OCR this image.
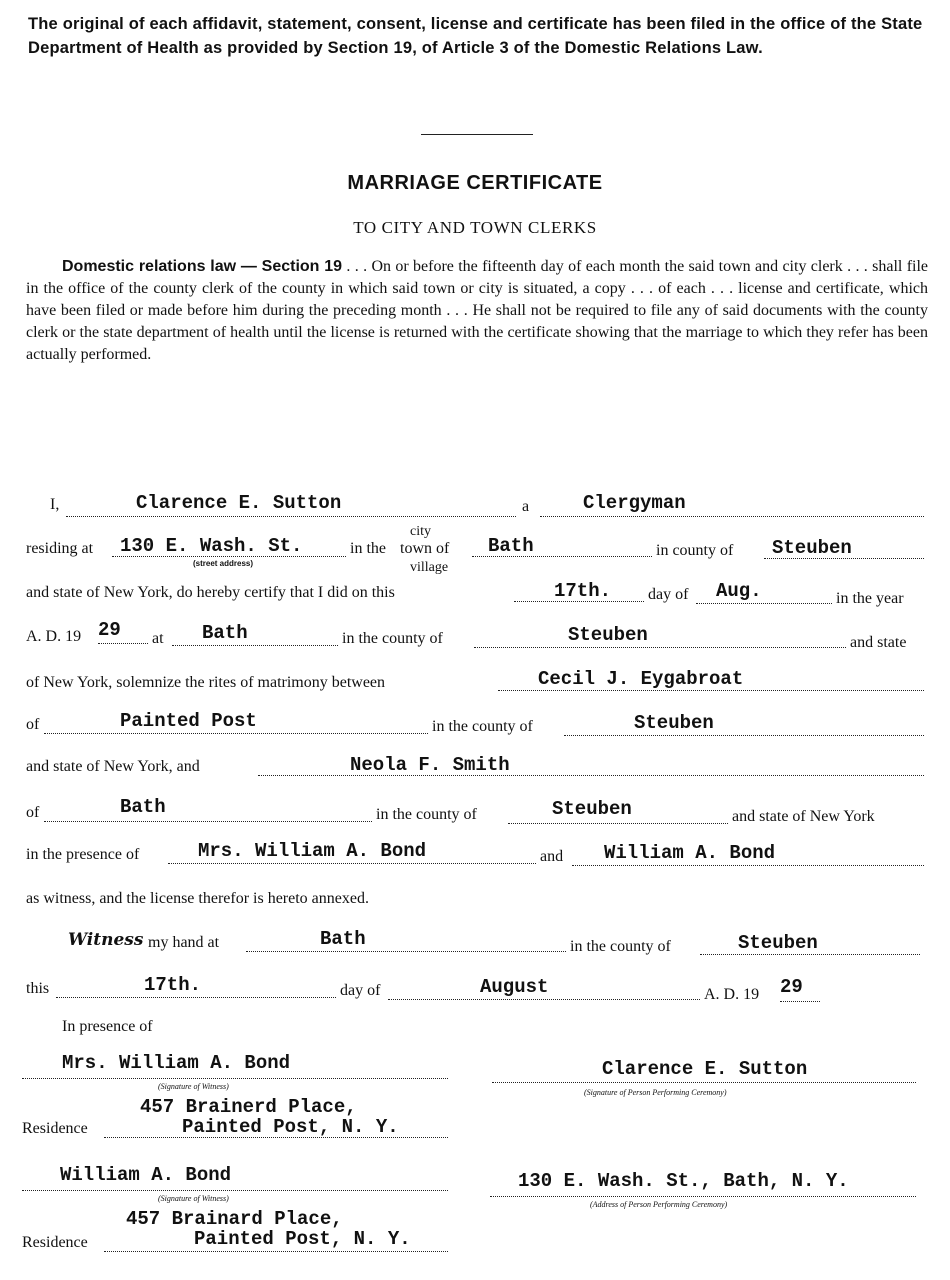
The original of each affidavit, statement, consent, license and certificate has been filed in the office of the State Department of Health as provided by Section 19, of Article 3 of the Domestic Relations Law.
MARRIAGE CERTIFICATE
TO CITY AND TOWN CLERKS
Domestic relations law — Section 19 . . . On or before the fifteenth day of each month the said town and city clerk . . . shall file in the office of the county clerk of the county in which said town or city is situated, a copy . . . of each . . . license and certificate, which have been filed or made before him during the preceding month . . . He shall not be required to file any of said documents with the county clerk or the state department of health until the license is returned with the certificate showing that the marriage to which they refer has been actually performed.
I,	Clarence E. Sutton	a	Clergyman
residing at 130 E. Wash. St.
(street address)
in the
city
town of
village
Bath	in county of Steuben
and state of New York, do hereby certify that I did on this	17th. day of Aug.	in the year
A. D. 19 29 at Bath	in the county of	Steuben	and state
of New York, solemnize the rites of matrimony between	Cecil J. Eygabroat
of	Painted Post	in the county of	Steuben
and state of New York, and	Neola F. Smith
of	Bath	in the county of	Steuben	and state of New York
in the presence of	Mrs. William A. Bond	and William A. Bond
as witness, and the license therefor is hereto annexed.
Witness my hand at	Bath	in the county of	Steuben
this	17th.	day of	August	A. D. 19 29
In presence of
Mrs. William A. Bond
(Signature of Witness)
457 Brainerd Place,
Residence	Painted Post, N. Y.
Clarence E. Sutton
(Signature of Person Performing Ceremony)
William A. Bond
(Signature of Witness)
457 Brainard Place,
Residence	Painted Post, N. Y.
130 E. Wash. St., Bath, N. Y.
(Address of Person Performing Ceremony)
